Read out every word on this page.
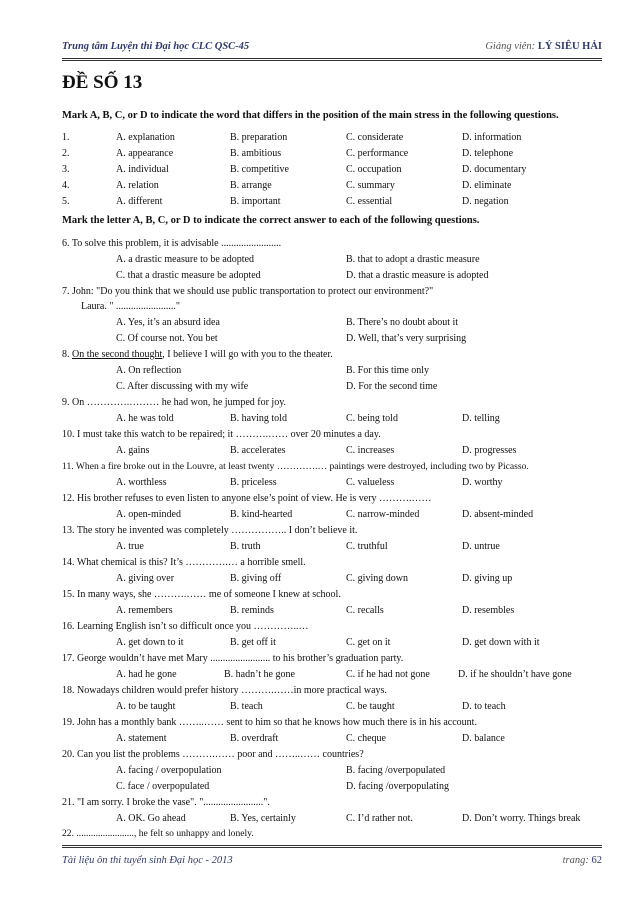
Trung tâm Luyện thi Đại học CLC QSC-45	Giảng viên: LÝ SIÊU HẢI
ĐỀ SỐ 13
Mark A, B, C, or D to indicate the word that differs in the position of the main stress in the following questions.
1.	A. explanation	B. preparation	C. considerate	D. information
2.	A. appearance	B. ambitious	C. performance	D. telephone
3.	A. individual	B. competitive	C. occupation	D. documentary
4.	A. relation	B. arrange	C. summary	D. eliminate
5.	A. different	B. important	C. essential	D. negation
Mark the letter A, B, C, or D to indicate the correct answer to each of the following questions.
6. To solve this problem, it is advisable ........................
A. a drastic measure to be adopted	B. that to adopt a drastic measure
C. that a drastic measure be adopted	D. that a drastic measure is adopted
7. John: "Do you think that we should use public transportation to protect our environment?"
Laura. " ........................"
A. Yes, it’s an absurd idea	B. There’s no doubt about it
C. Of course not. You bet	D. Well, that’s very surprising
8. On the second thought, I believe I will go with you to the theater.
A. On reflection	B. For this time only
C. After discussing with my wife	D. For the second time
9. On ………….……… he had won, he jumped for joy.
A. he was told	B. having told	C. being told	D. telling
10. I must take this watch to be repaired; it ……….…… over 20 minutes a day.
A. gains	B. accelerates	C. increases	D. progresses
11. When a fire broke out in the Louvre, at least twenty ………….… paintings were destroyed, including two by Picasso.
A. worthless	B. priceless	C. valueless	D. worthy
12. His brother refuses to even listen to anyone else’s point of view. He is very ……….……
A. open-minded	B. kind-hearted	C. narrow-minded	D. absent-minded
13. The story he invented was completely …………….. I don’t believe it.
A. true	B. truth	C. truthful	D. untrue
14. What chemical is this? It’s ………….… a horrible smell.
A. giving over	B. giving off	C. giving down	D. giving up
15. In many ways, she ……….…… me of someone I knew at school.
A. remembers	B. reminds	C. recalls	D. resembles
16. Learning English isn’t so difficult once you …………..…
A. get down to it	B. get off it	C. get on it	D. get down with it
17. George wouldn’t have met Mary ........................ to his brother’s graduation party.
A. had he gone	B. hadn’t he gone	C. if he had not gone	D. if he shouldn’t have gone
18. Nowadays children would prefer history ……….……in more practical ways.
A. to be taught	B. teach	C. be taught	D. to teach
19. John has a monthly bank ……..…… sent to him so that he knows how much there is in his account.
A. statement	B. overdraft	C. cheque	D. balance
20. Can you list the problems ……….…… poor and ……..…… countries?
A. facing / overpopulation	B. facing /overpopulated
C. face / overpopulated	D. facing /overpopulating
21. "I am sorry. I broke the vase". "........................".
A. OK. Go ahead	B. Yes, certainly	C. I’d rather not.	D. Don’t worry. Things break
22. ........................, he felt so unhappy and lonely.
Tài liệu ôn thi tuyển sinh Đại học - 2013	trang: 62
